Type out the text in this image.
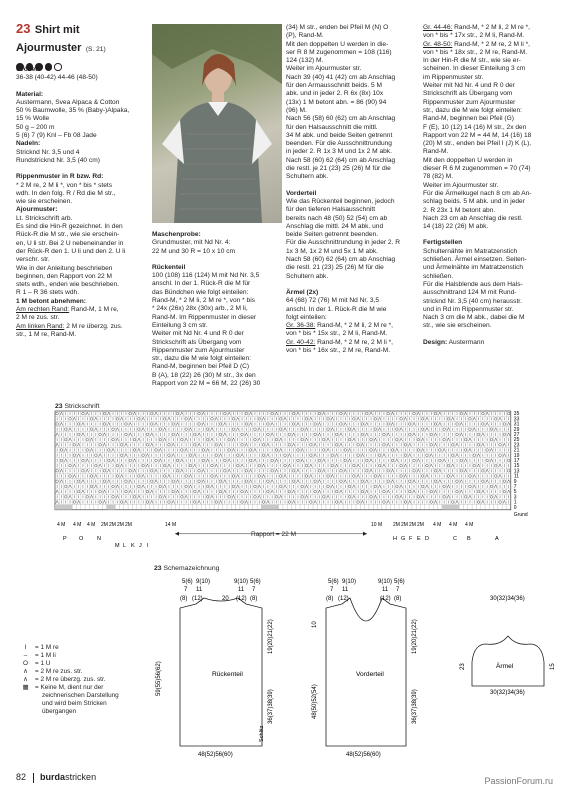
23 Shirt mit
Ajourmuster (S. 21)

Größen

36-38 (40-42) 44-46 (48-50)

Material:

Austermann, Svea Alpaca & Cotton

50 % Baumwolle, 35 % (Baby-)Alpaka,

15 % Wolle

50 g – 200 m

5 (6) 7 (9) Knl – Fb 08 Jade

Nadeln:

Stricknd Nr. 3,5 und 4

Rundstricknd Nr. 3,5 (40 cm)

Rippenmuster in R bzw. Rd:

* 2 M re, 2 M li *, von * bis * stets

wdh. In den folg. R / Rd die M str.,

wie sie erscheinen.

Ajourmuster:

Lt. Strickschrift arb.

Es sind die Hin-R gezeichnet. In den

Rück-R die M str., wie sie erschein-

en, U li str. Bei 2 U nebeneinander in

der Rück-R den 1. U li und den 2. U li

verschr. str.

Wie in der Anleitung beschrieben

beginnen, den Rapport von 22 M

stets wdh., enden wie beschrieben.

R 1 – R 36 stets wdh.

1 M betont abnehmen:

Am rechten Rand: Rand-M, 1 M re,

2 M re zus. str.

Am linken Rand: 2 M re überzg. zus.

str., 1 M re, Rand-M.

Maschenprobe:

Grundmuster, mit Nd Nr. 4:

22 M und 30 R = 10 x 10 cm

Rückenteil

100 (108) 116 (124) M mit Nd Nr. 3,5

anschl. In der 1. Rück-R die M für

das Bündchen wie folgt einteilen:

Rand-M, * 2 M li, 2 M re *, von * bis

* 24x (26x) 28x (30x) arb., 2 M li,

Rand-M. Im Rippenmuster in dieser

Einteilung 3 cm str.

Weiter mit Nd Nr. 4 und R 0 der

Strickschrift als Übergang vom

Rippenmuster zum Ajourmuster

str., dazu die M wie folgt einteilen:

Rand-M, beginnen bei Pfeil D (C)

B (A), 18 (22) 26 (30) M str., 3x den

Rapport von 22 M = 66 M, 22 (26) 30

(34) M str., enden bei Pfeil M (N) O

(P), Rand-M.

Mit den doppelten U werden in die-

ser R 8 M zugenommen = 108 (116)

124 (132) M.

Weiter im Ajourmuster str.

Nach 39 (40) 41 (42) cm ab Anschlag

für den Armausschnitt beids. 5 M

abk. und in jeder 2. R 6x (8x) 10x

(13x) 1 M betont abn. = 86 (90) 94

(96) M.

Nach 56 (58) 60 (62) cm ab Anschlag

für den Halsausschnitt die mittl.

34 M abk. und beide Seiten getrennt

beenden. Für die Ausschnittrundung

in jeder 2. R 1x 3 M und 1x 2 M abk.

Nach 58 (60) 62 (64) cm ab Anschlag

die restl. je 21 (23) 25 (26) M für die

Schultern abk.

Vorderteil

Wie das Rückenteil beginnen, jedoch

für den tieferen Halsausschnitt

bereits nach 48 (50) 52 (54) cm ab

Anschlag die mittl. 24 M abk. und

beide Seiten getrennt beenden.

Für die Ausschnittrundung in jeder 2. R

1x 3 M, 1x 2 M und 5x 1 M abk.

Nach 58 (60) 62 (64) cm ab Anschlag

die restl. 21 (23) 25 (26) M für die

Schultern abk.

Ärmel (2x)

64 (68) 72 (76) M mit Nd Nr. 3,5

anschl. In der 1. Rück-R die M wie

folgt einteilen:

Gr. 36-38: Rand-M, * 2 M li, 2 M re *,

von * bis * 15x str., 2 M li, Rand-M.

Gr. 40-42: Rand-M, * 2 M re, 2 M li *,

von * bis * 16x str., 2 M re, Rand-M.

Gr. 44-46: Rand-M, * 2 M li, 2 M re *,

von * bis * 17x str., 2 M li, Rand-M.

Gr. 48-50: Rand-M, * 2 M re, 2 M li *,

von * bis * 18x str., 2 M re, Rand-M.

In der Hin-R die M str., wie sie er-

scheinen. In dieser Einteilung 3 cm

im Rippenmuster str.

Weiter mit Nd Nr. 4 und R 0 der

Strickschrift als Übergang vom

Rippenmuster zum Ajourmuster

str., dazu die M wie folgt einteilen:

Rand-M, beginnen bei Pfeil (G)

F (E), 10 (12) 14 (16) M str., 2x den

Rapport von 22 M = 44 M, 14 (16) 18

(20) M str., enden bei Pfeil I (J) K (L),

Rand-M.

Mit den doppelten U werden in

dieser R 6 M zugenommen = 70 (74)

78 (82) M.

Weiter im Ajourmuster str.

Für die Ärmelkugel nach 8 cm ab An-

schlag beids. 5 M abk. und in jeder

2. R 23x 1 M betont abn.

Nach 23 cm ab Anschlag die restl.

14 (18) 22 (26) M abk.

Fertigstellen

Schulternähte im Matratzenstich

schließen. Ärmel einsetzen. Seiten-

und Ärmelnähte im Matratzenstich

schließen.

Für die Halsblende aus dem Hals-

ausschnittrand 124 M mit Rund-

stricknd Nr. 3,5 (40 cm) herausstr.

und in Rd im Rippenmuster str.

Nach 3 cm die M abk., dabei die M

str., wie sie erscheinen.

Design: Austermann

23 Strickschrift
35
33
31
29
27
25
23
21
19
17
15
13
11
9
7
5
3
1
0
Grund
4 M 4 M 4 M 2M 2M 2M 2M	14 M	10 M 2M 2M 2M 2M 4 M 4 M 4 M
Rapport = 22 M
P O N	H G F E D	C B	A
M L K J I
I = 1 M re
– = 1 M li
O = 1 U
∧ = 2 M re zus. str.
∧ = 2 M re überzg. zus. str.
▦ = Keine M, dient nur der
zeichnerischen Darstellung
und wird beim Stricken
übergangen
23 Schemazeichnung
59(55)56(62)	Rückenteil
48(52)56(60)
19(20)21(22)
36(37)38(39)
Schlitz
5(6) 9(10)	9(10) 5(6)
7 11
20
11 7
(8) (12)	(12) (8)
10
48(50)52(54)
Vorderteil
48(52)56(60)
19(20)21(22)
36(37)38(39)
5(6) 9(10)	9(10) 5(6)
7 11	11 7
(8) (12)	(12) (8)	30(32)34(36)
30(32)34(36)
23	15
Ärmel
82 burdastricken	PassionForum.ru
